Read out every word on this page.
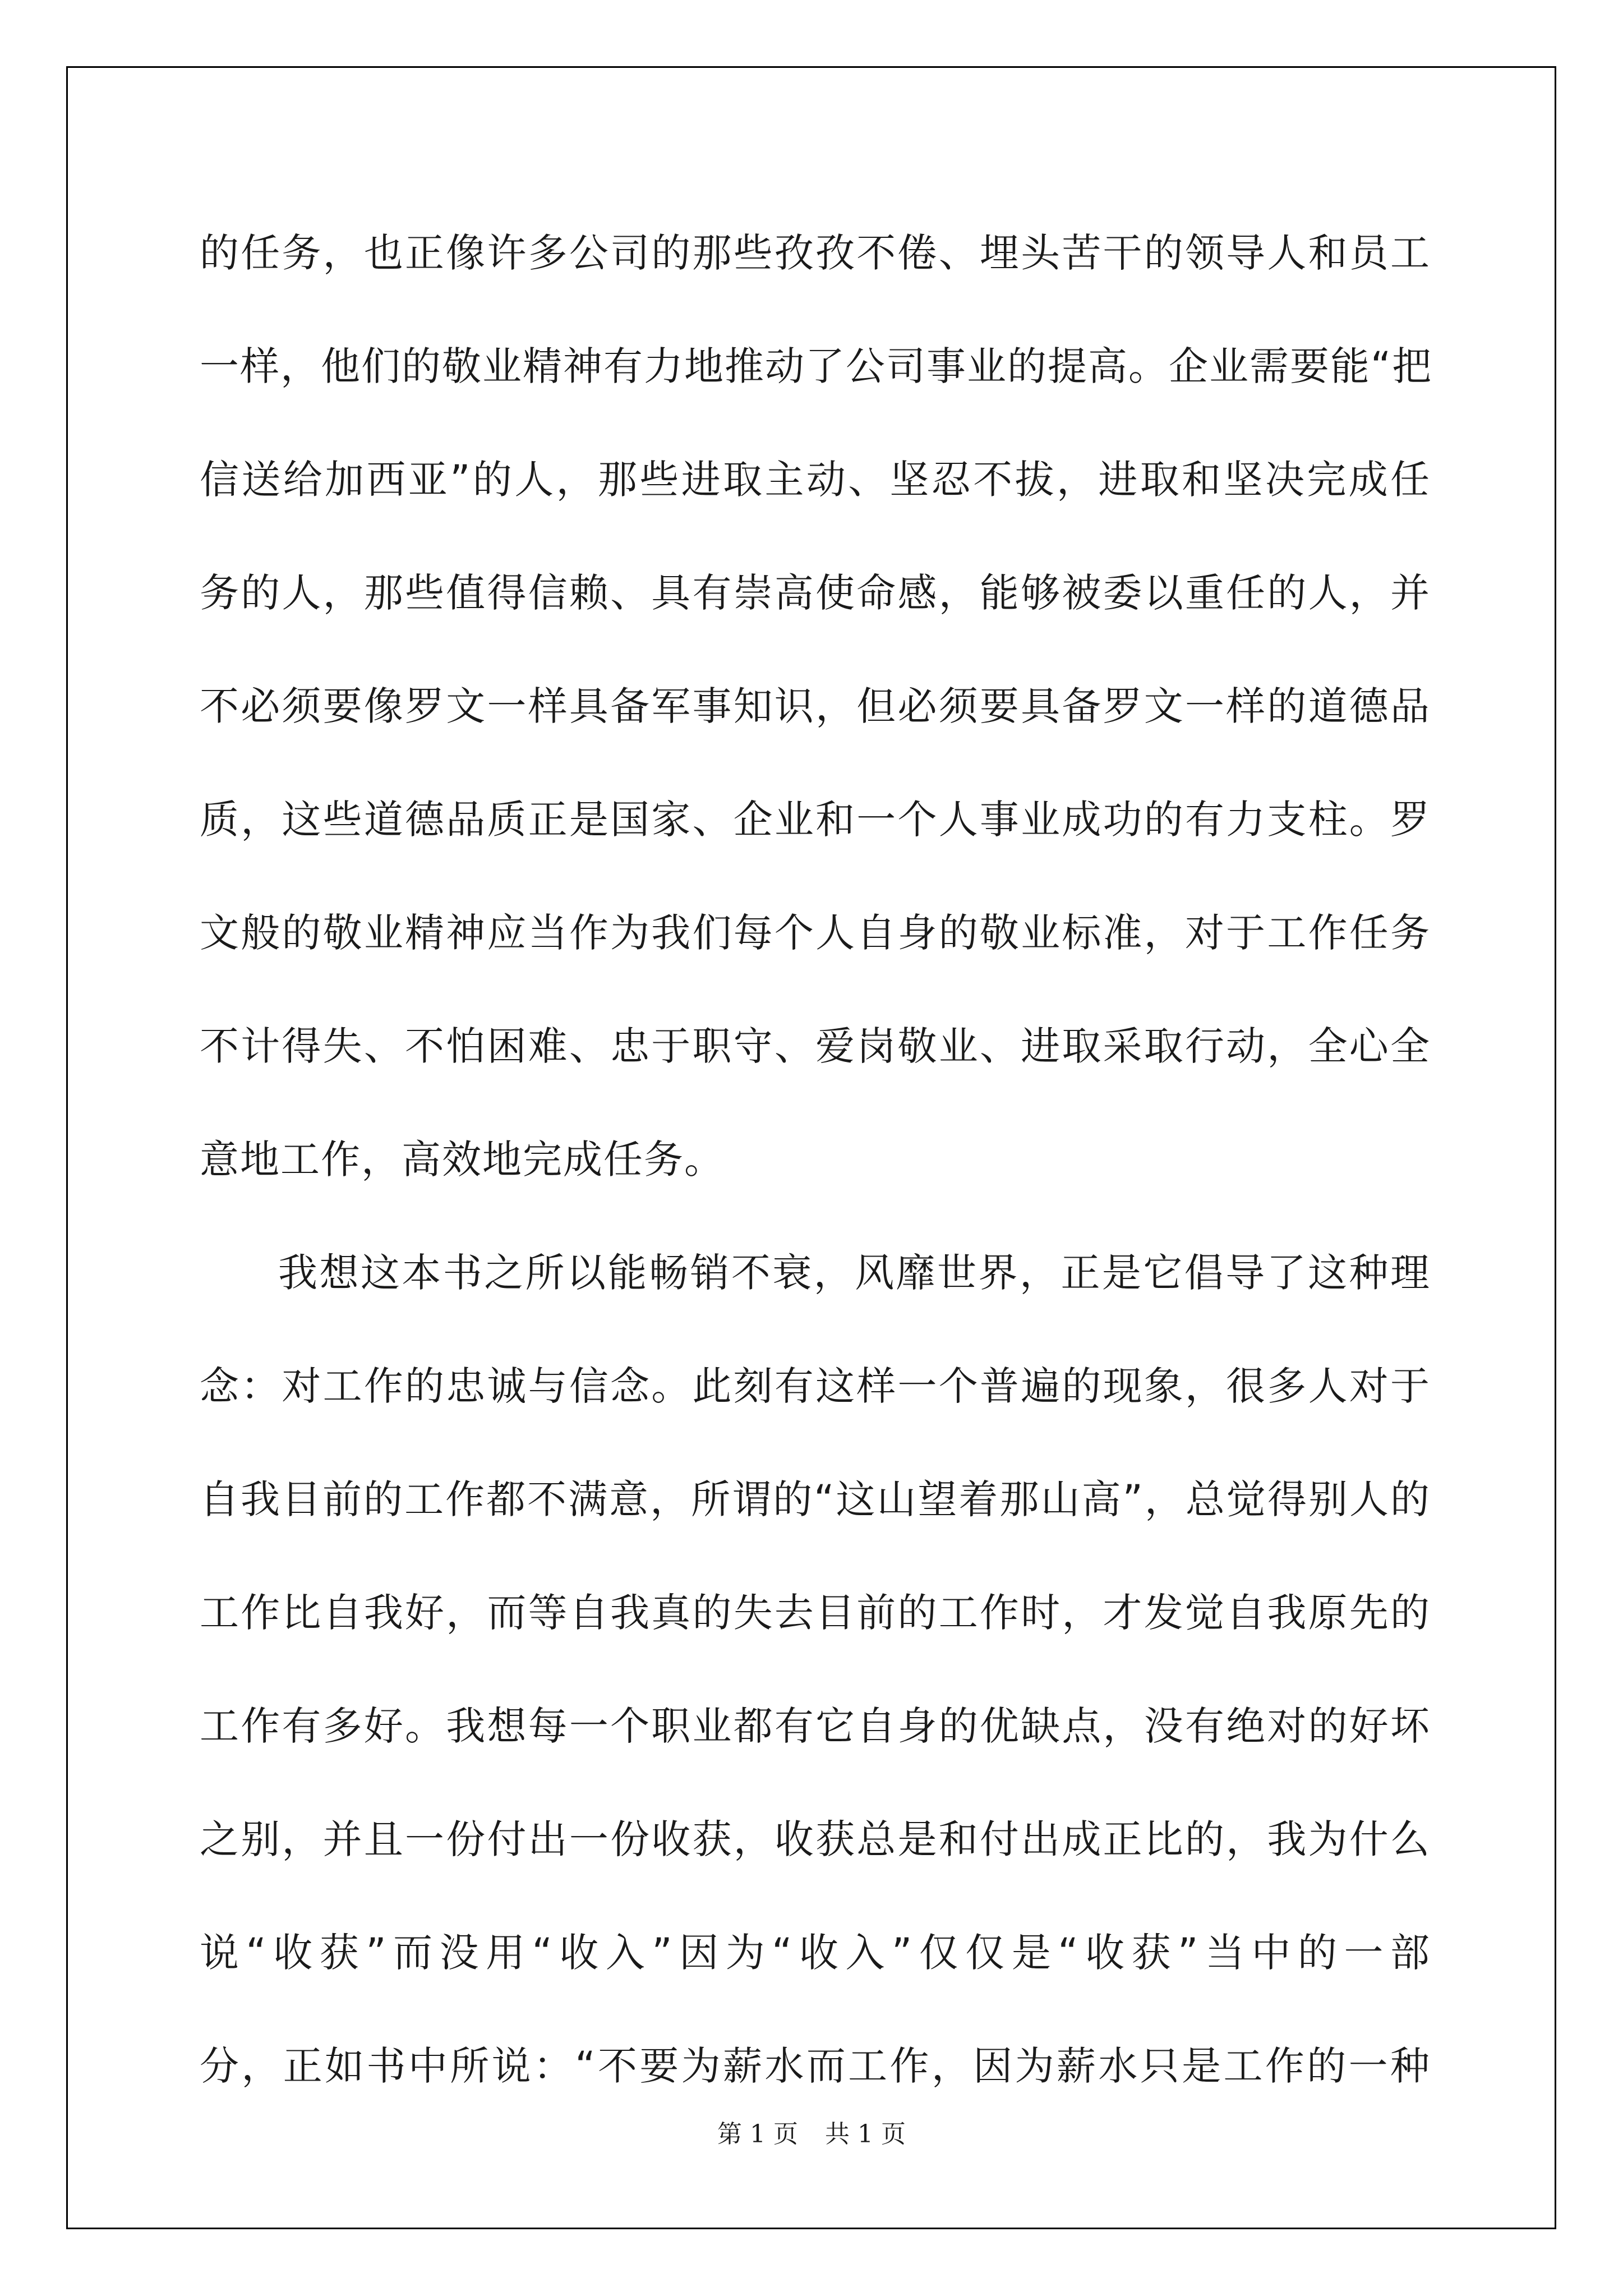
的任务，也正像许多公司的那些孜孜不倦、埋头苦干的领导人和员工
一样，他们的敬业精神有力地推动了公司事业的提高。企业需要能“把
信送给加西亚”的人，那些进取主动、坚忍不拔，进取和坚决完成任
务的人，那些值得信赖、具有崇高使命感，能够被委以重任的人，并
不必须要像罗文一样具备军事知识，但必须要具备罗文一样的道德品
质，这些道德品质正是国家、企业和一个人事业成功的有力支柱。罗
文般的敬业精神应当作为我们每个人自身的敬业标准，对于工作任务
不计得失、不怕困难、忠于职守、爱岗敬业、进取采取行动，全心全
意地工作，高效地完成任务。
我想这本书之所以能畅销不衰，风靡世界，正是它倡导了这种理
念：对工作的忠诚与信念。此刻有这样一个普遍的现象，很多人对于
自我目前的工作都不满意，所谓的“这山望着那山高”，总觉得别人的
工作比自我好，而等自我真的失去目前的工作时，才发觉自我原先的
工作有多好。我想每一个职业都有它自身的优缺点，没有绝对的好坏
之别，并且一份付出一份收获，收获总是和付出成正比的，我为什么
说“收获”而没用“收入”因为“收入”仅仅是“收获”当中的一部
分，正如书中所说：“不要为薪水而工作，因为薪水只是工作的一种
第 1 页 共 1 页
